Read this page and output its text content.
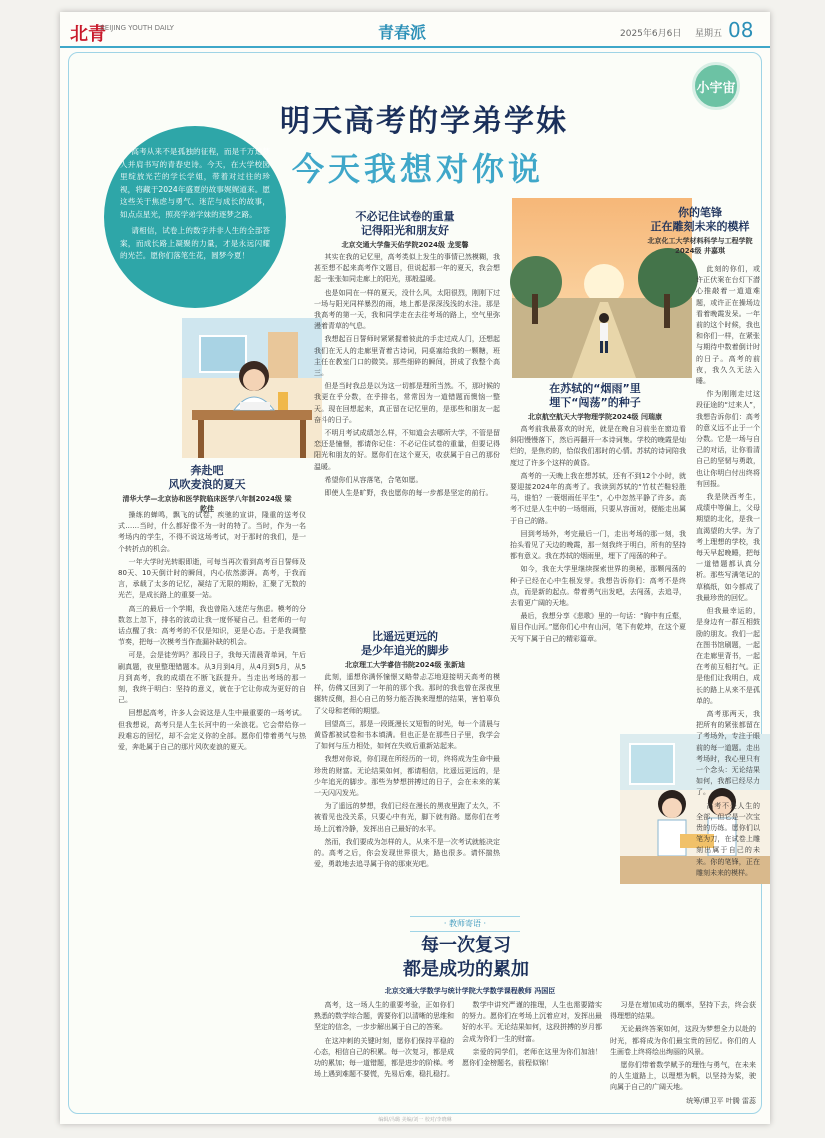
北青
BEIJING YOUTH DAILY	青春派	2025年6月6日 星期五 08
小宇宙
明天高考的学弟学妹
今天我想对你说

高考从来不是孤独的征程，而是千万追梦人并肩书写的青春史诗。今天，在大学校园里绽放光芒的学长学姐，带着对过往的珍视，将藏于2024年盛夏的故事娓娓道来。愿这些关于焦虑与勇气、迷茫与成长的故事，如点点星光，照亮学弟学妹的逐梦之路。

请相信，试卷上的数字并非人生的全部答案，而成长路上凝聚的力量，才是永远闪耀的光芒。愿你们落笔生花，圆梦今夏！

奔赴吧
风吹麦浪的夏天
清华大学—北京协和医学院临床医学八年制2024级 梁乾佳

操练的蝉鸣，飘飞的试卷，疾驰的宣讲，隆重的送考仪式……当时，什么都好像不为一时的特了。当时，作为一名考场内的学生，不得不说这场考试，对于那时的我们，是一个转折点的机会。

一年大学时光转眼即逝，可每当再次看到高考百日誓师及80天、10天倒计时的瞬间，内心依然澎湃。高考，于我而言，承载了太多的记忆，凝结了无限的期盼，汇聚了无数的光芒，是成长路上的重要一站。

高三的最后一个学期，我也曾陷入迷茫与焦虑。模考的分数忽上忽下，排名的波动让我一度怀疑自己。但老师的一句话点醒了我：高考考的不仅是知识，更是心态。于是我调整节奏，把每一次模考当作查漏补缺的机会。

可是，会是徒劳吗？那段日子，我每天清晨背单词，午后刷真题，夜里整理错题本。从3月到4月，从4月到5月，从5月到高考，我的成绩在不断飞跃提升。当走出考场的那一刻，我终于明白：坚持的意义，就在于它让你成为更好的自己。

回想起高考，许多人会说这是人生中最重要的一场考试。但我想说，高考只是人生长河中的一朵浪花。它会带给你一段难忘的回忆，却不会定义你的全部。愿你们带着勇气与热爱，奔赴属于自己的那片风吹麦浪的夏天。

不必记住试卷的重量
记得阳光和朋友好
北京交通大学詹天佑学院2024级 龙雯馨

其实在我的记忆里，高考类似上发生的事情已然模糊，我甚至想不起来高考作文题目，但说起那一年的夏天，我会想起一张张如同走廊上的阳光，那般温暖。

也是如同在一样的夏天，没什么风，太阳很烈，刚刚下过一场与阳光同样暴烈的雨，地上都是深深浅浅的水洼。那是我高考的第一天，我和同学走在去往考场的路上，空气里弥漫着青草的气息。

我想起百日誓师时紧紧握着彼此的手走过成人门，还想起我们在无人的走廊里背着古诗词，同桌塞给我的一颗糖，班主任在教室门口的微笑。那些细碎的瞬间，拼成了我整个高三。

但是当时我总是以为这一切都是理所当然。不，那时候的我更在乎分数，在乎排名，常常因为一道错题而懊恼一整天。现在回想起来，真正留在记忆里的，是那些和朋友一起奋斗的日子。

不明月考试成绩怎么样，不知道会去哪所大学，不管是留恋还是憧憬，都请你记住：不必记住试卷的重量，但要记得阳光和朋友的好。愿你们在这个夏天，收获属于自己的那份温暖。

希望你们从容落笔，合笔如愿。

即使人生是旷野，我也愿你的每一步都是坚定的前行。

比遥远更远的
是少年追光的脚步
北京理工大学睿信书院2024级 张新迪

此刻，遥想你满怀憧憬又略带忐忑地迎接明天高考的模样，仿佛又回到了一年前的那个我。那时的我也曾在深夜里辗转反侧，担心自己的努力能否换来理想的结果，害怕辜负了父母和老师的期望。

回望高三，那是一段既漫长又短暂的时光，每一个清晨与黄昏都被试卷和书本填满。但也正是在那些日子里，我学会了如何与压力相处，如何在失败后重新站起来。

我想对你说，你们现在所经历的一切，终将成为生命中最珍贵的财富。无论结果如何，都请相信，比遥远更远的，是少年追光的脚步。那些为梦想拼搏过的日子，会在未来的某一天闪闪发光。

为了遥远的梦想，我们已经在漫长的黑夜里跑了太久，不被看见也没关系，只要心中有光，脚下就有路。愿你们在考场上沉着冷静，发挥出自己最好的水平。

然而，我们要成为怎样的人，从来不是一次考试就能决定的。高考之后，你会发现世界很大，路也很多。请怀揣热爱，勇敢地去追寻属于你的那束光吧。

在苏轼的“烟雨”里
埋下“闯荡”的种子
北京航空航天大学物理学院2024级 闫瑞康

高考前我最喜欢的时光，就是在晚自习前坐在窗边看斜阳慢慢落下，然后再翻开一本诗词集。学校的晚霞是灿烂的，是焦灼的，恰似我们那时的心情。苏轼的诗词陪我度过了许多个这样的黄昏。

高考的一天晚上我在想苏轼，还有不到12个小时，就要迎接2024年的高考了。我读到苏轼的“竹杖芒鞋轻胜马，谁怕？一蓑烟雨任平生”，心中忽然平静了许多。高考不过是人生中的一场烟雨，只要从容面对，便能走出属于自己的路。

回到考场外，考完最后一门，走出考场的那一刻，我抬头看见了天边的晚霞，那一刻我终于明白，所有的坚持都有意义。我在苏轼的烟雨里，埋下了闯荡的种子。

如今，我在大学里继续探索世界的奥秘，那颗闯荡的种子已经在心中生根发芽。我想告诉你们：高考不是终点，而是新的起点。带着勇气出发吧，去闯荡，去追寻，去看更广阔的天地。

最后，我想分享《悲歌》里的一句话：“胸中有丘壑，眉目作山河。”愿你们心中有山河，笔下有乾坤，在这个夏天写下属于自己的精彩篇章。

你的笔锋
正在雕刻未来的模样
北京化工大学材料科学与工程学院2024级 井嘉琪

此刻的你们，或许正伏案在台灯下潜心推敲着一道道难题，或许正在操场边看着晚霞发呆。一年前的这个时候，我也和你们一样，在紧张与期待中数着倒计时的日子。高考的前夜，我久久无法入睡。

作为刚刚走过这段征途的“过来人”，我想告诉你们：高考的意义远不止于一个分数。它是一场与自己的对话，让你看清自己的坚韧与勇敢，也让你明白付出终将有回报。

我是陕西考生，成绩中等偏上，父母期望的北化，是我一直渴望的大学。为了考上理想的学校，我每天早起晚睡，把每一道错题都认真分析。那些写满笔记的草稿纸，如今都成了我最珍贵的回忆。

但我最幸运的，是身边有一群互相鼓励的朋友。我们一起在图书馆刷题，一起在走廊里背书，一起在考前互相打气。正是他们让我明白，成长的路上从来不是孤单的。

高考那两天，我把所有的紧张都留在了考场外，专注于眼前的每一道题。走出考场时，我心里只有一个念头：无论结果如何，我都已经尽力了。

高考不是人生的全部，但它是一次宝贵的历练。愿你们以笔为刀，在试卷上雕刻出属于自己的未来。你的笔锋，正在雕刻未来的模样。

· 教师寄语 ·
每一次复习
都是成功的累加
北京交通大学数学与统计学院大学数学课程教师 冯国臣

高考，这一场人生的重要考验，正如你们熟悉的数学综合题，需要你们以清晰的思维和坚定的信念，一步步解出属于自己的答案。

在这冲刺的关键时刻，愿你们保持平稳的心态，相信自己的积累。每一次复习，都是成功的累加；每一道错题，都是进步的阶梯。考场上遇到难题不要慌，先易后难，稳扎稳打。

数学中讲究严谨的推理，人生也需要踏实的努力。愿你们在考场上沉着应对，发挥出最好的水平。无论结果如何，这段拼搏的岁月都会成为你们一生的财富。

亲爱的同学们，老师在这里为你们加油！愿你们金榜题名，前程似锦！

习是在增加成功的概率，坚持下去，终会获得理想的结果。

无论最终答案如何，这段为梦想全力以赴的时光，都将成为你们最宝贵的回忆。你们的人生画卷上终将绘出绚丽的风景。

愿你们带着数学赋予的理性与勇气，在未来的人生道路上，以理想为帆，以坚持为桨，驶向属于自己的广阔天地。

统筹/谭卫平 叶腾 雷蕊
编辑/冯璐 美编/刘一 校对/李晓琳
